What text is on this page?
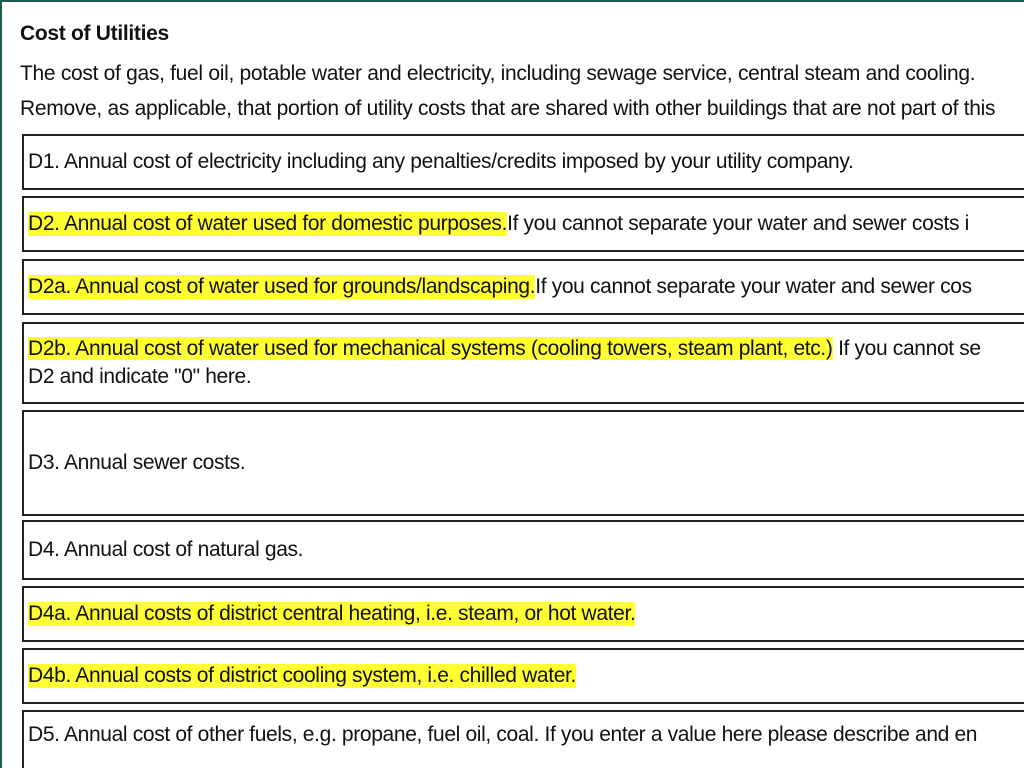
Cost of Utilities
The cost of gas, fuel oil, potable water and electricity, including sewage service, central steam and cooling.
Remove, as applicable, that portion of utility costs that are shared with other buildings that are not part of this
D1. Annual cost of electricity including any penalties/credits imposed by your utility company.
D2. Annual cost of water used for domestic purposes. If you cannot separate your water and sewer costs i
D2a. Annual cost of water used for grounds/landscaping. If you cannot separate your water and sewer cos
D2b. Annual cost of water used for mechanical systems (cooling towers, steam plant, etc.) If you cannot se
D2 and indicate "0" here.
D3. Annual sewer costs.
D4. Annual cost of natural gas.
D4a. Annual costs of district central heating, i.e. steam, or hot water.
D4b. Annual costs of district cooling system, i.e. chilled water.
D5. Annual cost of other fuels, e.g. propane, fuel oil, coal. If you enter a value here please describe and en
